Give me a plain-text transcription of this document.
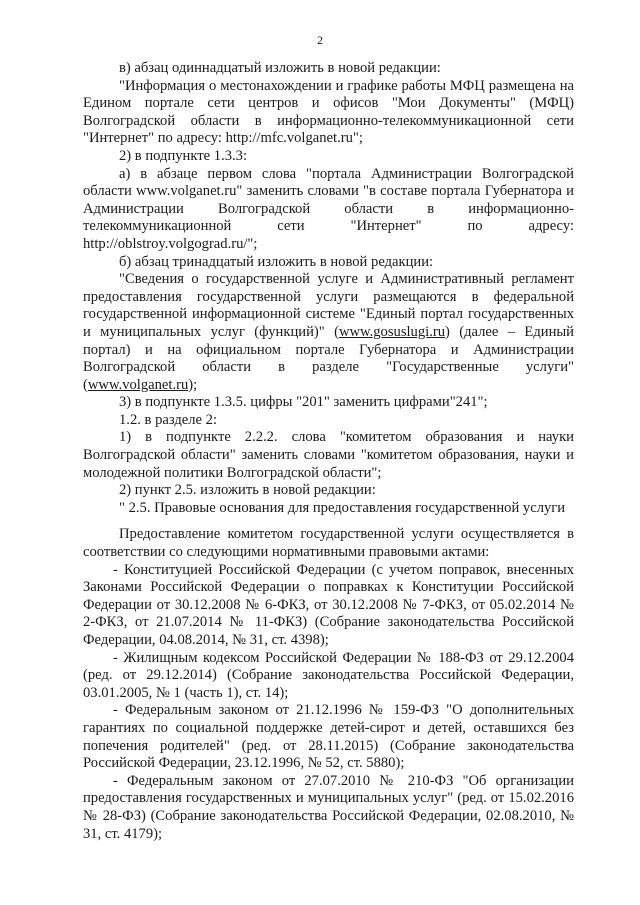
2

в) абзац одиннадцатый изложить в новой редакции:

"Информация о местонахождении и графике работы МФЦ размещена на Едином портале сети центров и офисов "Мои Документы" (МФЦ) Волгоградской области в информационно-телекоммуникационной сети "Интернет" по адресу: http://mfc.volganet.ru";

2) в подпункте 1.3.3:

а) в абзаце первом слова "портала Администрации Волгоградской области www.volganet.ru" заменить словами "в составе портала Губернатора и Администрации Волгоградской области в информационно-телекоммуникационной сети "Интернет" по адресу: http://oblstroy.volgograd.ru/";

б) абзац тринадцатый изложить в новой редакции:

"Сведения о государственной услуге и Административный регламент предоставления государственной услуги размещаются в федеральной государственной информационной системе "Единый портал государственных и муниципальных услуг (функций)" (www.gosuslugi.ru) (далее – Единый портал) и на официальном портале Губернатора и Администрации Волгоградской области в разделе "Государственные услуги" (www.volganet.ru);

3) в подпункте 1.3.5. цифры "201" заменить цифрами"241";

1.2. в разделе 2:

1) в подпункте 2.2.2. слова "комитетом образования и науки Волгоградской области" заменить словами "комитетом образования, науки и молодежной политики Волгоградской области";

2) пункт 2.5. изложить в новой редакции:

" 2.5. Правовые основания для предоставления государственной услуги

Предоставление комитетом государственной услуги осуществляется в соответствии со следующими нормативными правовыми актами:

- Конституцией Российской Федерации (с учетом поправок, внесенных Законами Российской Федерации о поправках к Конституции Российской Федерации от 30.12.2008 № 6-ФКЗ, от 30.12.2008 № 7-ФКЗ, от 05.02.2014 № 2-ФКЗ, от 21.07.2014 № 11-ФКЗ) (Собрание законодательства Российской Федерации, 04.08.2014, № 31, ст. 4398);

- Жилищным кодексом Российской Федерации № 188-ФЗ от 29.12.2004 (ред. от 29.12.2014) (Собрание законодательства Российской Федерации, 03.01.2005, № 1 (часть 1), ст. 14);

- Федеральным законом от 21.12.1996 № 159-ФЗ "О дополнительных гарантиях по социальной поддержке детей-сирот и детей, оставшихся без попечения родителей" (ред. от 28.11.2015) (Собрание законодательства Российской Федерации, 23.12.1996, № 52, ст. 5880);

- Федеральным законом от 27.07.2010 № 210-ФЗ "Об организации предоставления государственных и муниципальных услуг" (ред. от 15.02.2016 № 28-ФЗ) (Собрание законодательства Российской Федерации, 02.08.2010, № 31, ст. 4179);
